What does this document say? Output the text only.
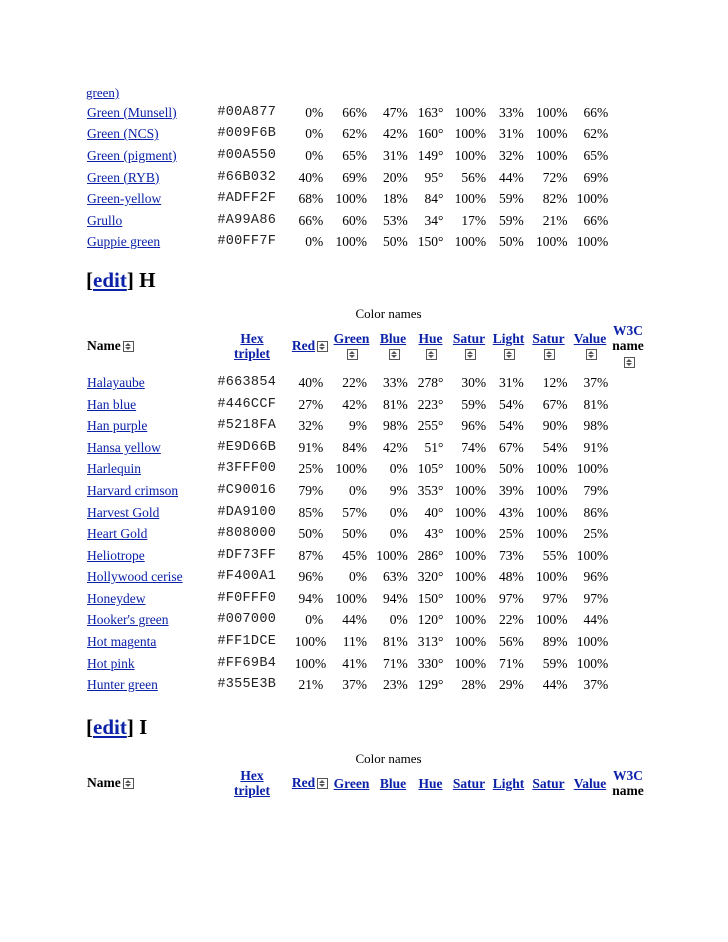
green)
Green (Munsell)	#00A877	0%	66%	47%	163°	100%	33%	100%	66%	
Green (NCS)	#009F6B	0%	62%	42%	160°	100%	31%	100%	62%	
Green (pigment)	#00A550	0%	65%	31%	149°	100%	32%	100%	65%	
Green (RYB)	#66B032	40%	69%	20%	95°	56%	44%	72%	69%	
Green-yellow	#ADFF2F	68%	100%	18%	84°	100%	59%	82%	100%	
Grullo	#A99A86	66%	60%	53%	34°	17%	59%	21%	66%	
Guppie green	#00FF7F	0%	100%	50%	150°	100%	50%	100%	100%	
[edit] H
Color names
Name	Hex
triplet
	Red	Green	Blue	Hue	Satur	Light	Satur	Value	W3C
name
Halayaube	#663854	40%	22%	33%	278°	30%	31%	12%	37%	
Han blue	#446CCF	27%	42%	81%	223°	59%	54%	67%	81%	
Han purple	#5218FA	32%	9%	98%	255°	96%	54%	90%	98%	
Hansa yellow	#E9D66B	91%	84%	42%	51°	74%	67%	54%	91%	
Harlequin	#3FFF00	25%	100%	0%	105°	100%	50%	100%	100%	
Harvard crimson	#C90016	79%	0%	9%	353°	100%	39%	100%	79%	
Harvest Gold	#DA9100	85%	57%	0%	40°	100%	43%	100%	86%	
Heart Gold	#808000	50%	50%	0%	43°	100%	25%	100%	25%	
Heliotrope	#DF73FF	87%	45%	100%	286°	100%	73%	55%	100%	
Hollywood cerise	#F400A1	96%	0%	63%	320°	100%	48%	100%	96%	
Honeydew	#F0FFF0	94%	100%	94%	150°	100%	97%	97%	97%	
Hooker's green	#007000	0%	44%	0%	120°	100%	22%	100%	44%	
Hot magenta	#FF1DCE	100%	11%	81%	313°	100%	56%	89%	100%	
Hot pink	#FF69B4	100%	41%	71%	330°	100%	71%	59%	100%	
Hunter green	#355E3B	21%	37%	23%	129°	28%	29%	44%	37%	
[edit] I
Color names
Name	Hex
triplet
	Red	Green	Blue	Hue	Satur	Light	Satur	Value	W3C
name
